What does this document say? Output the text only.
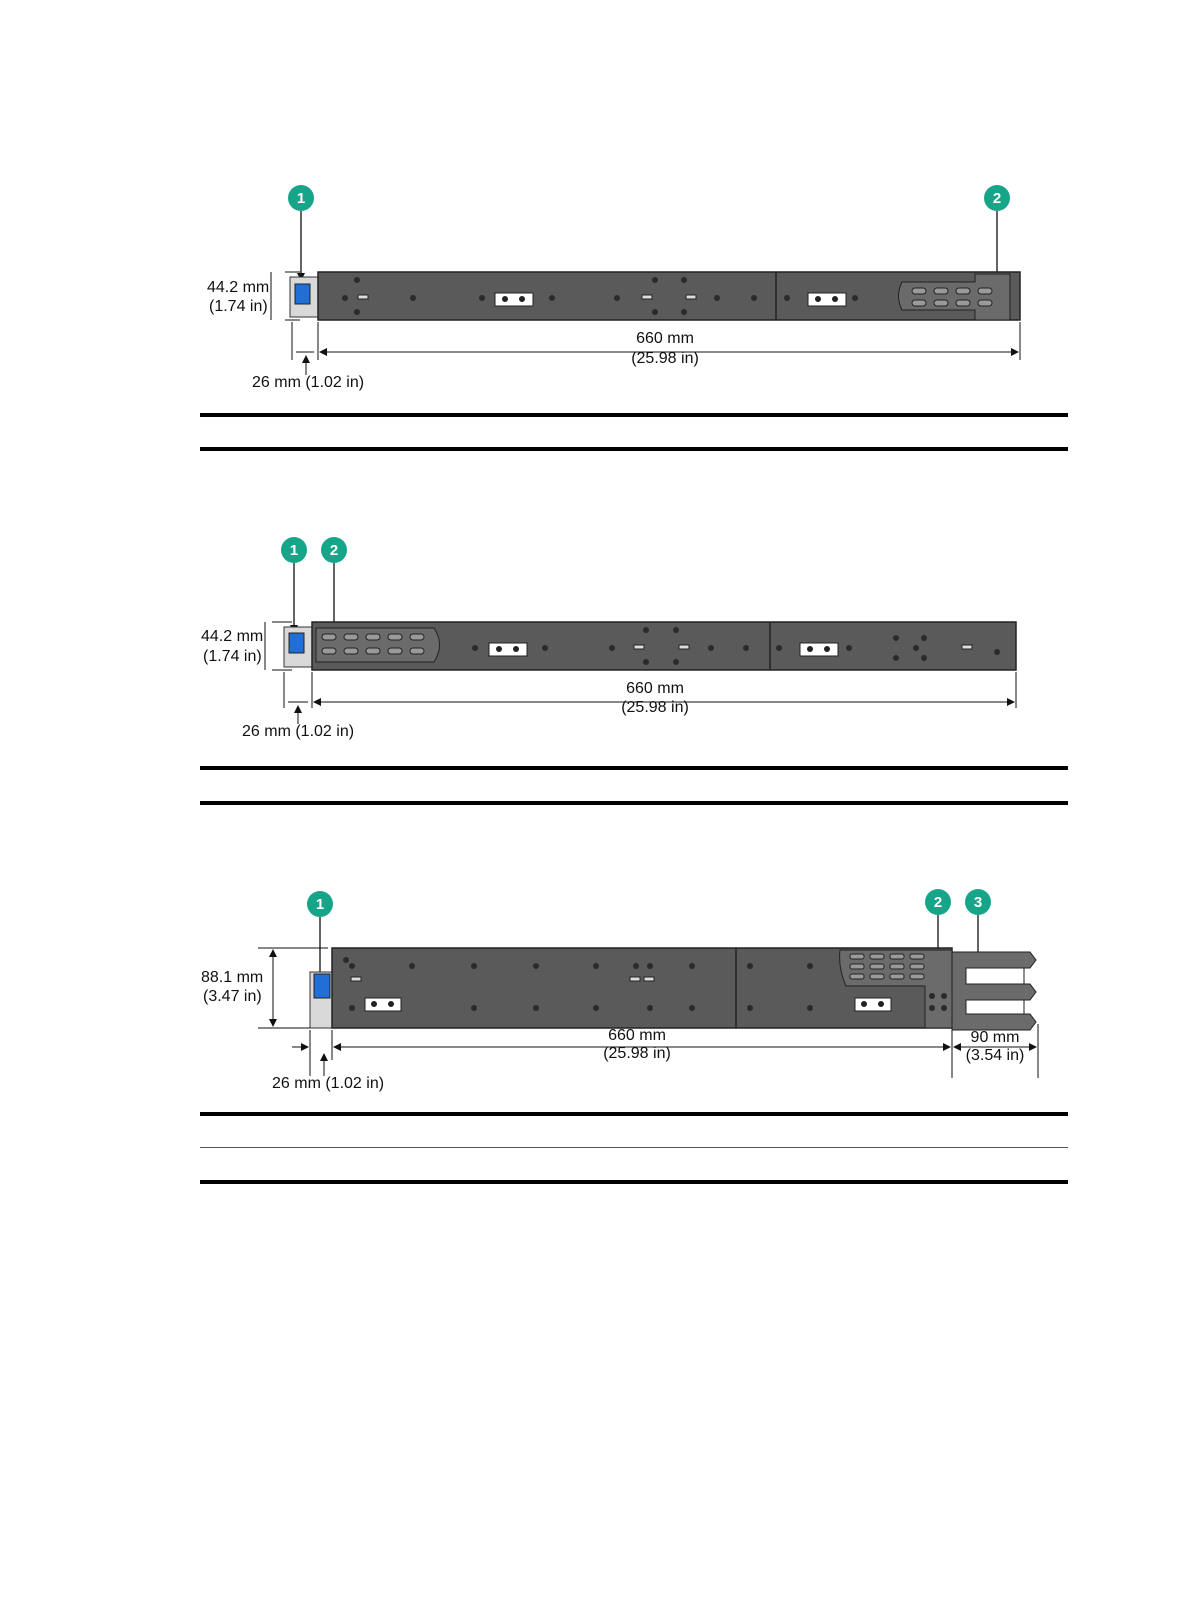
1	2
44.2 mm
(1.74 in)
660 mm
(25.98 in)
26 mm (1.02 in)
1 2
44.2 mm
(1.74 in)
660 mm
(25.98 in)
26 mm (1.02 in)
1	2 3
88.1 mm
(3.47 in)
660 mm
(25.98 in)
90 mm
(3.54 in)
26 mm (1.02 in)
